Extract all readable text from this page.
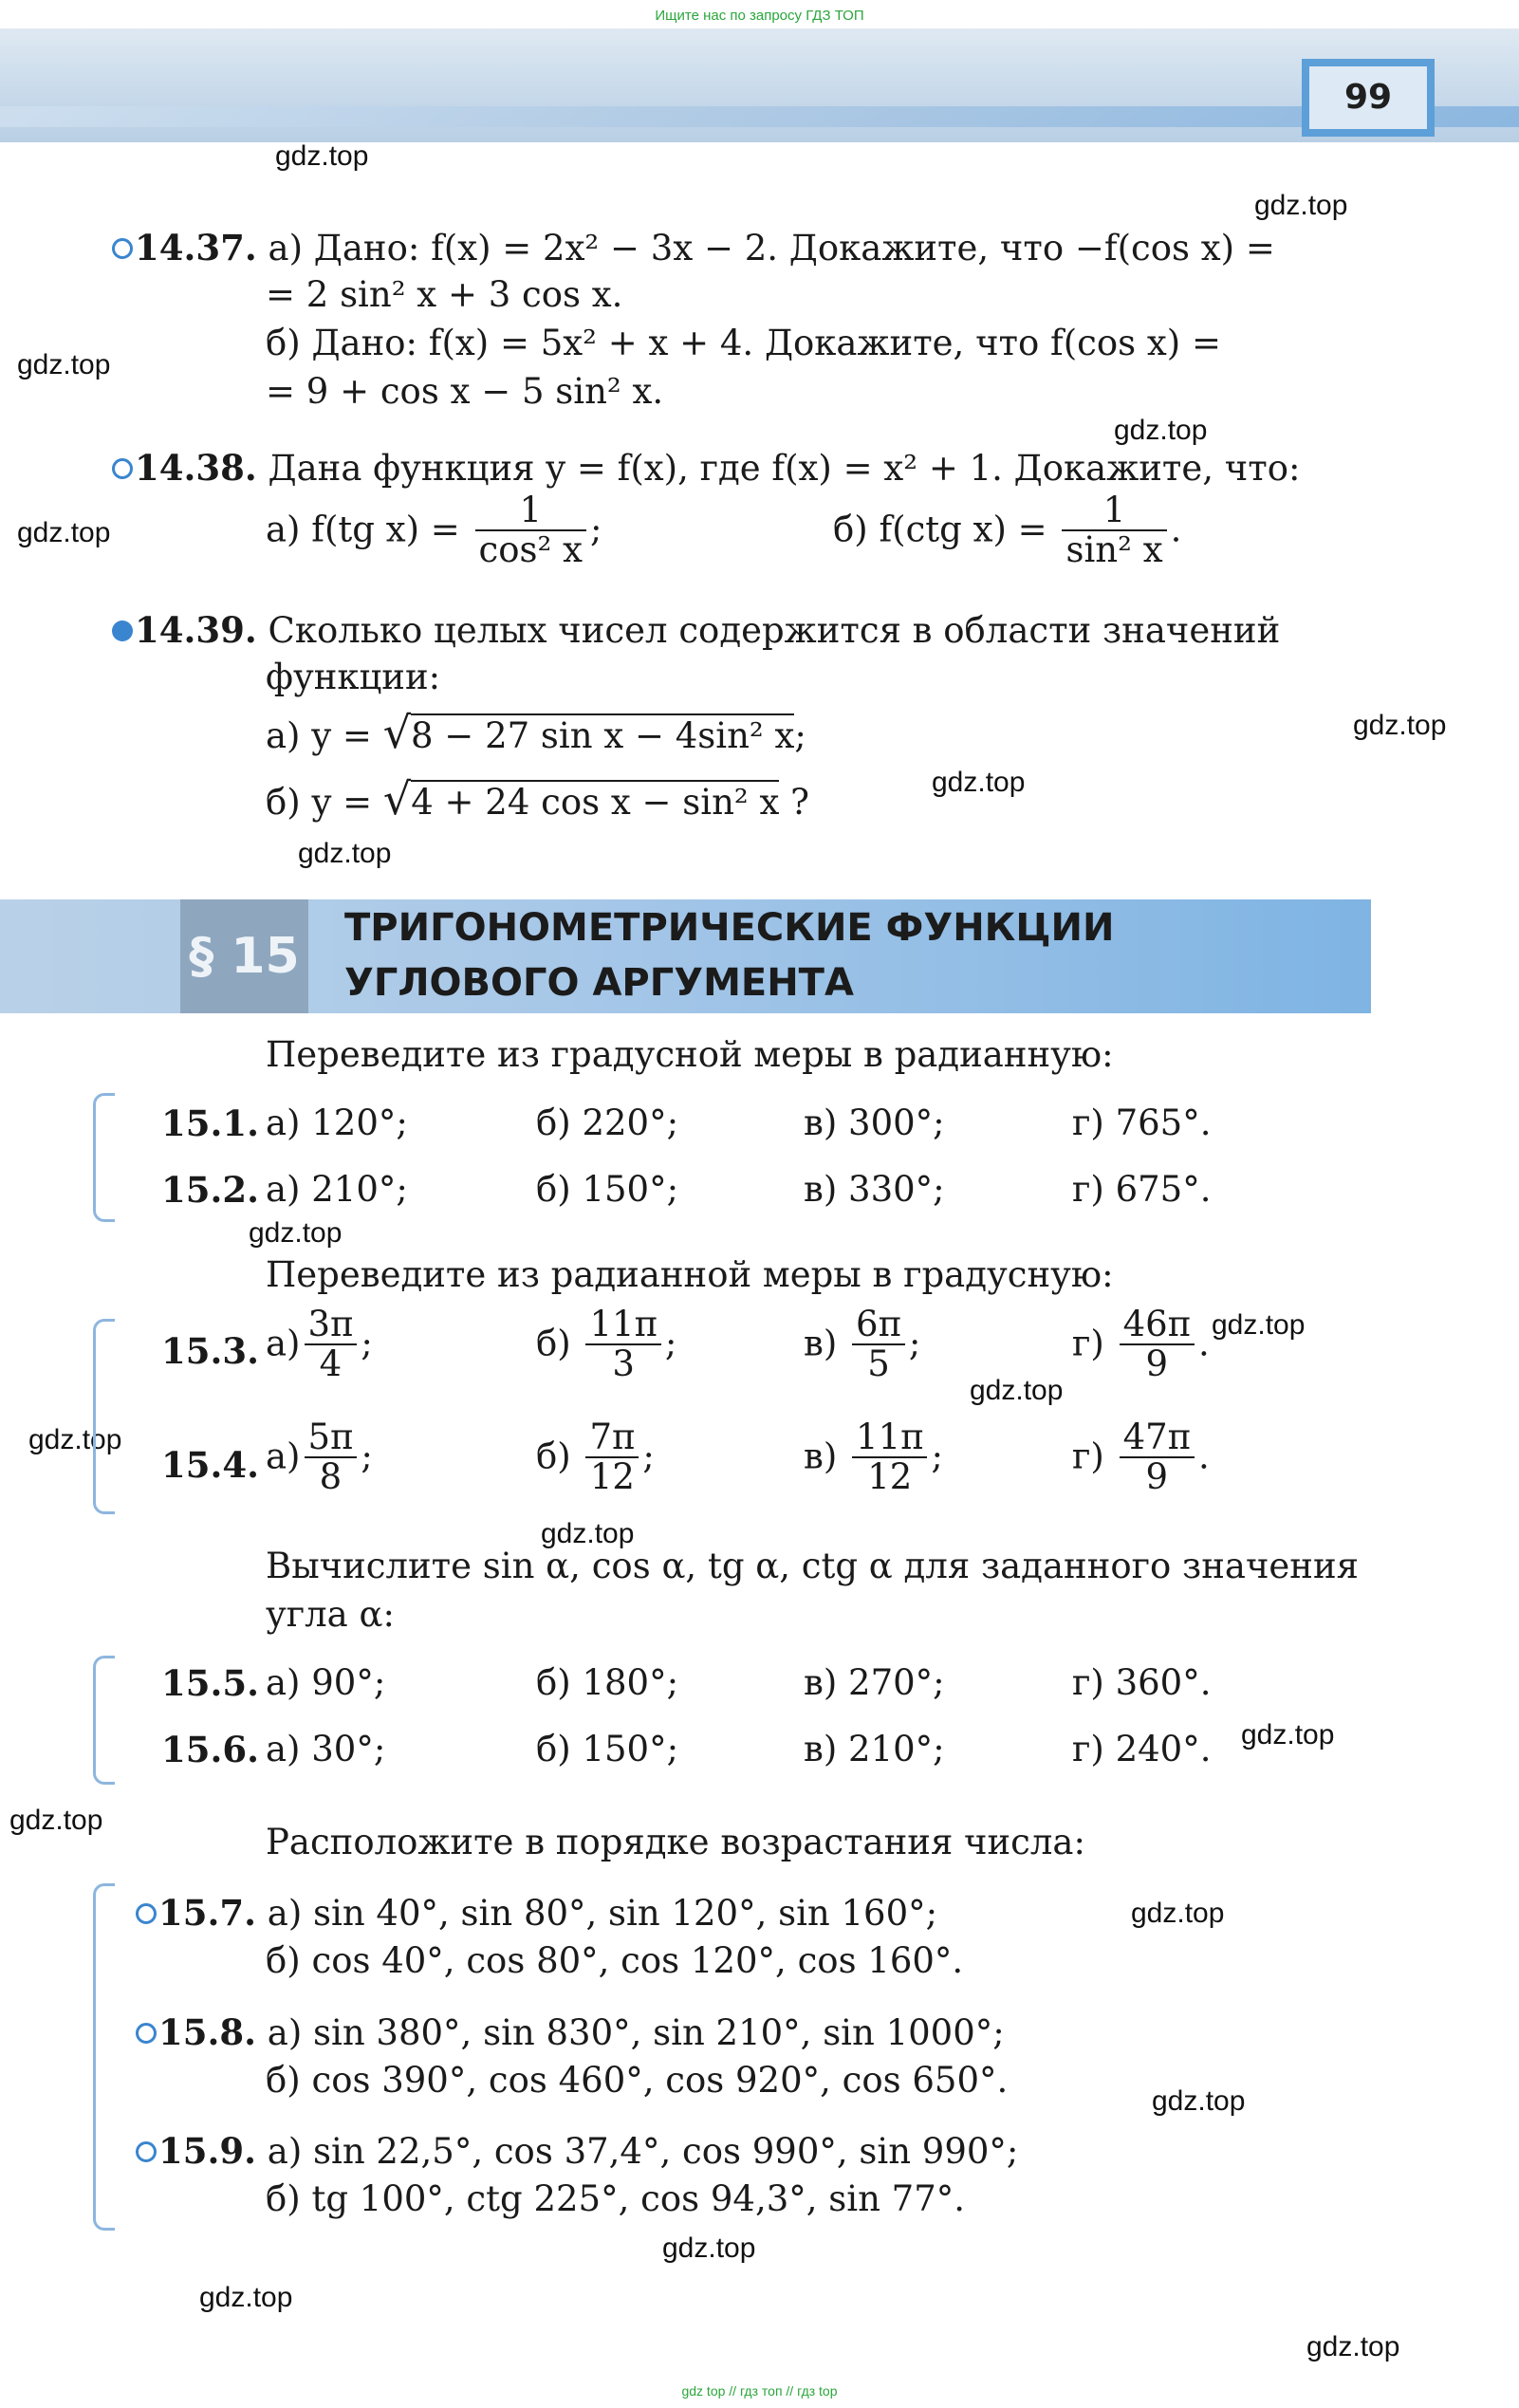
Ищите нас по запросу ГДЗ ТОП
99
gdz.top
gdz.top
gdz.top
gdz.top
gdz.top
gdz.top
gdz.top
gdz.top
gdz.top
gdz.top
gdz.top
gdz.top
gdz.top
gdz.top
gdz.top
gdz.top
gdz.top
gdz.top
gdz.top
gdz.top
14.37. а) Дано: f(x) = 2x² − 3x − 2. Докажите, что −f(cos x) =
= 2 sin² x + 3 cos x.
б) Дано: f(x) = 5x² + x + 4. Докажите, что f(cos x) =
= 9 + cos x − 5 sin² x.
14.38. Дана функция y = f(x), где f(x) = x² + 1. Докажите, что:
а) f(tg $x) = \frac{1}{\text{cos² x}}$ ;	б) f(ctg $x) = \frac{1}{\text{sin² x}}$ .
14.39. Сколько целых чисел содержится в области значений
функции:
а) y = √8 − 27 sin x − 4sin² x;
б) y = √4 + 24 cos x − sin² x ?
§ 15 ТРИГОНОМЕТРИЧЕСКИЕ ФУНКЦИИ
УГЛОВОГО АРГУМЕНТА
Переведите из градусной меры в радианную:
15.1. а) 120°;	б) 220°;	в) 300°;	г) 765°.
15.2. а) 210°;	б) 150°;	в) 330°;	г) 675°.
Переведите из радианной меры в градусную:
15.3. $а) \frac{3\pi}{4}$ ;	$б) \frac{11\pi}{3}$ ;	$в) \frac{6\pi}{5}$ ;	$г) \frac{46\pi}{9}$ .
15.4. $а) \frac{5\pi}{8}$ ;	$б) \frac{7\pi}{12}$ ;	$в) \frac{11\pi}{12}$ ;	$г) \frac{47\pi}{9}$ .
Вычислите sin α, cos α, tg α, ctg α для заданного значения
угла α:
15.5. а) 90°;	б) 180°;	в) 270°;	г) 360°.
15.6. а) 30°;	б) 150°;	в) 210°;	г) 240°.
Расположите в порядке возрастания числа:
15.7. а) sin 40°, sin 80°, sin 120°, sin 160°;
б) cos 40°, cos 80°, cos 120°, cos 160°.
15.8. а) sin 380°, sin 830°, sin 210°, sin 1000°;
б) cos 390°, cos 460°, cos 920°, cos 650°.
15.9. а) sin 22,5°, cos 37,4°, cos 990°, sin 990°;
б) tg 100°, ctg 225°, cos 94,3°, sin 77°.
gdz top // гдз топ // гдз top
